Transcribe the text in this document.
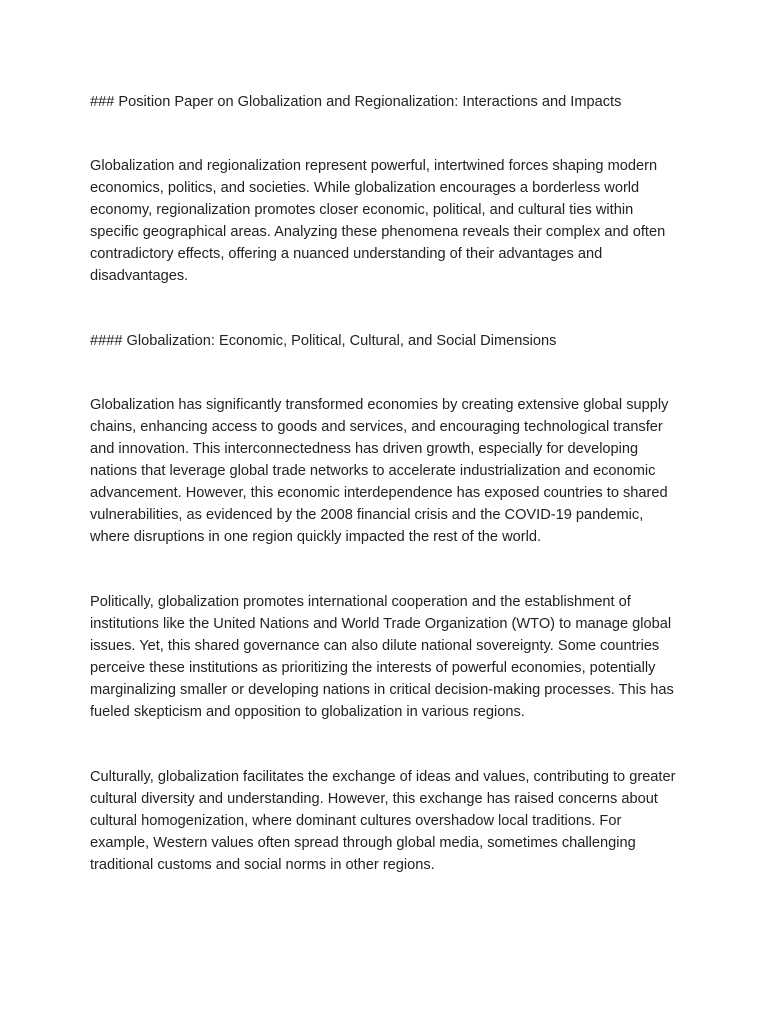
### Position Paper on Globalization and Regionalization: Interactions and Impacts

Globalization and regionalization represent powerful, intertwined forces shaping modern economics, politics, and societies. While globalization encourages a borderless world economy, regionalization promotes closer economic, political, and cultural ties within specific geographical areas. Analyzing these phenomena reveals their complex and often contradictory effects, offering a nuanced understanding of their advantages and disadvantages.

#### Globalization: Economic, Political, Cultural, and Social Dimensions

Globalization has significantly transformed economies by creating extensive global supply chains, enhancing access to goods and services, and encouraging technological transfer and innovation. This interconnectedness has driven growth, especially for developing nations that leverage global trade networks to accelerate industrialization and economic advancement. However, this economic interdependence has exposed countries to shared vulnerabilities, as evidenced by the 2008 financial crisis and the COVID-19 pandemic, where disruptions in one region quickly impacted the rest of the world.

Politically, globalization promotes international cooperation and the establishment of institutions like the United Nations and World Trade Organization (WTO) to manage global issues. Yet, this shared governance can also dilute national sovereignty. Some countries perceive these institutions as prioritizing the interests of powerful economies, potentially marginalizing smaller or developing nations in critical decision-making processes. This has fueled skepticism and opposition to globalization in various regions.

Culturally, globalization facilitates the exchange of ideas and values, contributing to greater cultural diversity and understanding. However, this exchange has raised concerns about cultural homogenization, where dominant cultures overshadow local traditions. For example, Western values often spread through global media, sometimes challenging traditional customs and social norms in other regions.
